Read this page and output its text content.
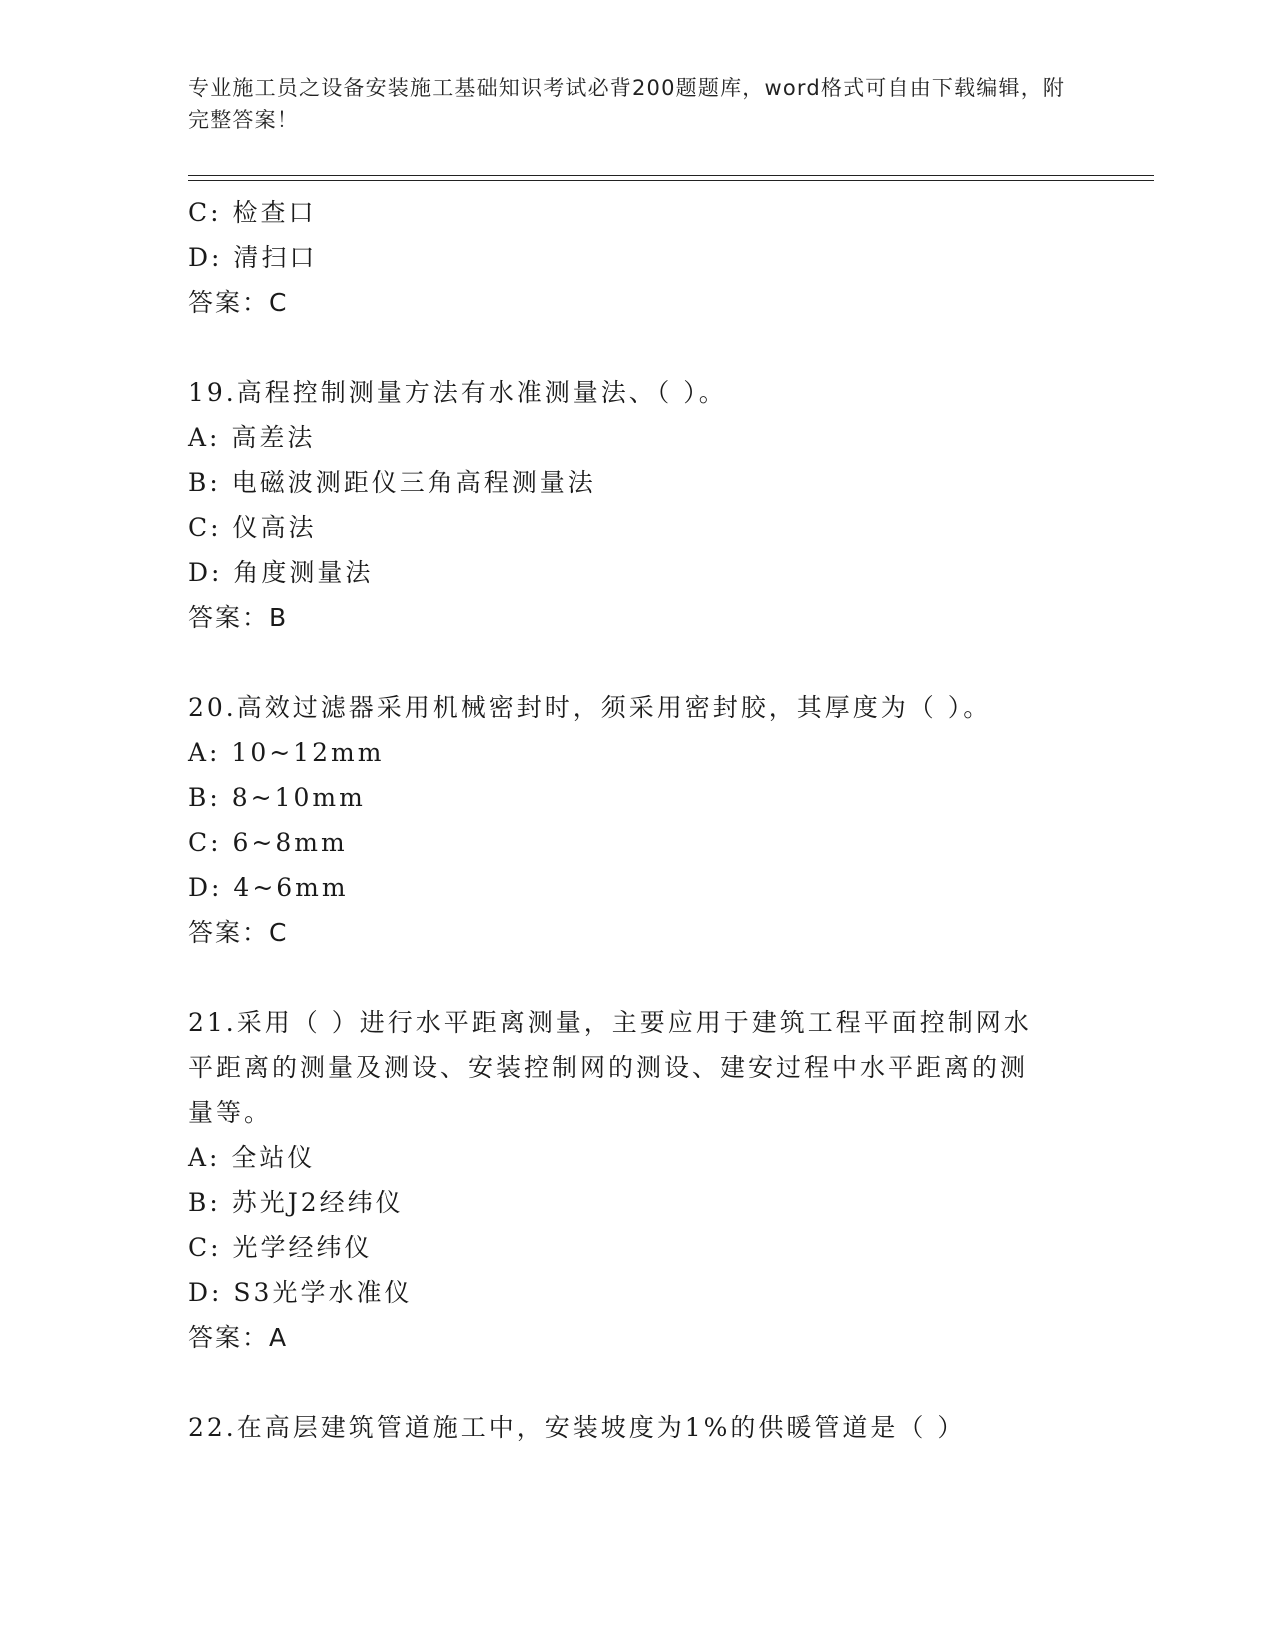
专业施工员之设备安装施工基础知识考试必背200题题库，word格式可自由下载编辑，附完整答案！
C: 检查口
D: 清扫口
答案：C
19.高程控制测量方法有水准测量法、（ ）。
A: 高差法
B: 电磁波测距仪三角高程测量法
C: 仪高法
D: 角度测量法
答案：B
20.高效过滤器采用机械密封时，须采用密封胶，其厚度为（ ）。
A: 10~12mm
B: 8~10mm
C: 6~8mm
D: 4~6mm
答案：C
21.采用（ ）进行水平距离测量，主要应用于建筑工程平面控制网水平距离的测量及测设、安装控制网的测设、建安过程中水平距离的测量等。
A: 全站仪
B: 苏光J2经纬仪
C: 光学经纬仪
D: S3光学水准仪
答案：A
22.在高层建筑管道施工中，安装坡度为1%的供暖管道是（ ）
